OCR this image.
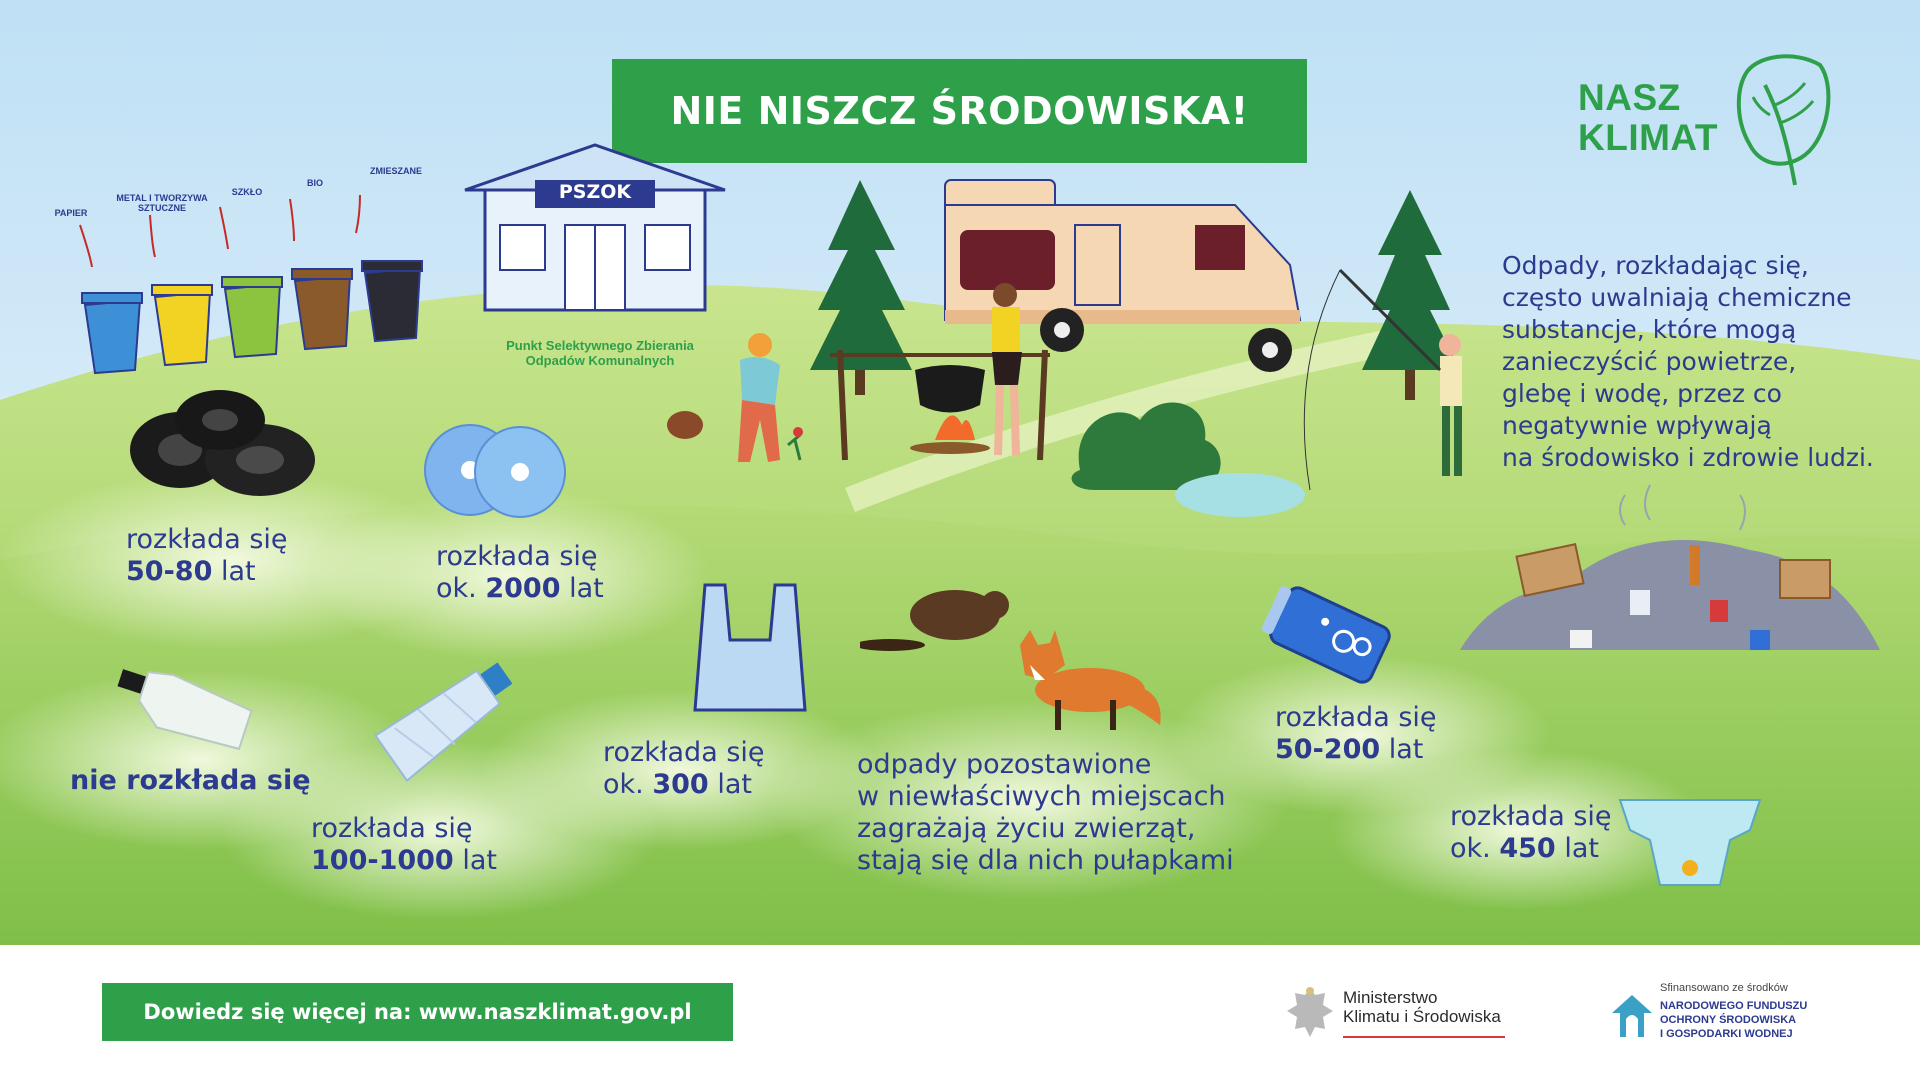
NIE NISZCZ ŚRODOWISKA!	NASZ
KLIMAT
PAPIER
METAL I TWORZYWA SZTUCZNE
SZKŁO
BIO
ZMIESZANE
PSZOK
Punkt Selektywnego Zbierania
Odpadów Komunalnych
Odpady, rozkładając się,
często uwalniają chemiczne
substancje, które mogą
zanieczyścić powietrze,
glebę i wodę, przez co
negatywnie wpływają
na środowisko i zdrowie ludzi.
rozkłada się
50-80 lat	rozkłada się
ok. 2000 lat
nie rozkłada się
rozkłada się
100-1000 lat
rozkłada się
ok. 300 lat
odpady pozostawione
w niewłaściwych miejscach
zagrażają życiu zwierząt,
stają się dla nich pułapkami
rozkłada się
50-200 lat
rozkłada się
ok. 450 lat
Dowiedz się więcej na: www.naszklimat.gov.pl
Ministerstwo
Klimatu i Środowiska
Sfinansowano ze środków
NARODOWEGO FUNDUSZU
OCHRONY ŚRODOWISKA
I GOSPODARKI WODNEJ
